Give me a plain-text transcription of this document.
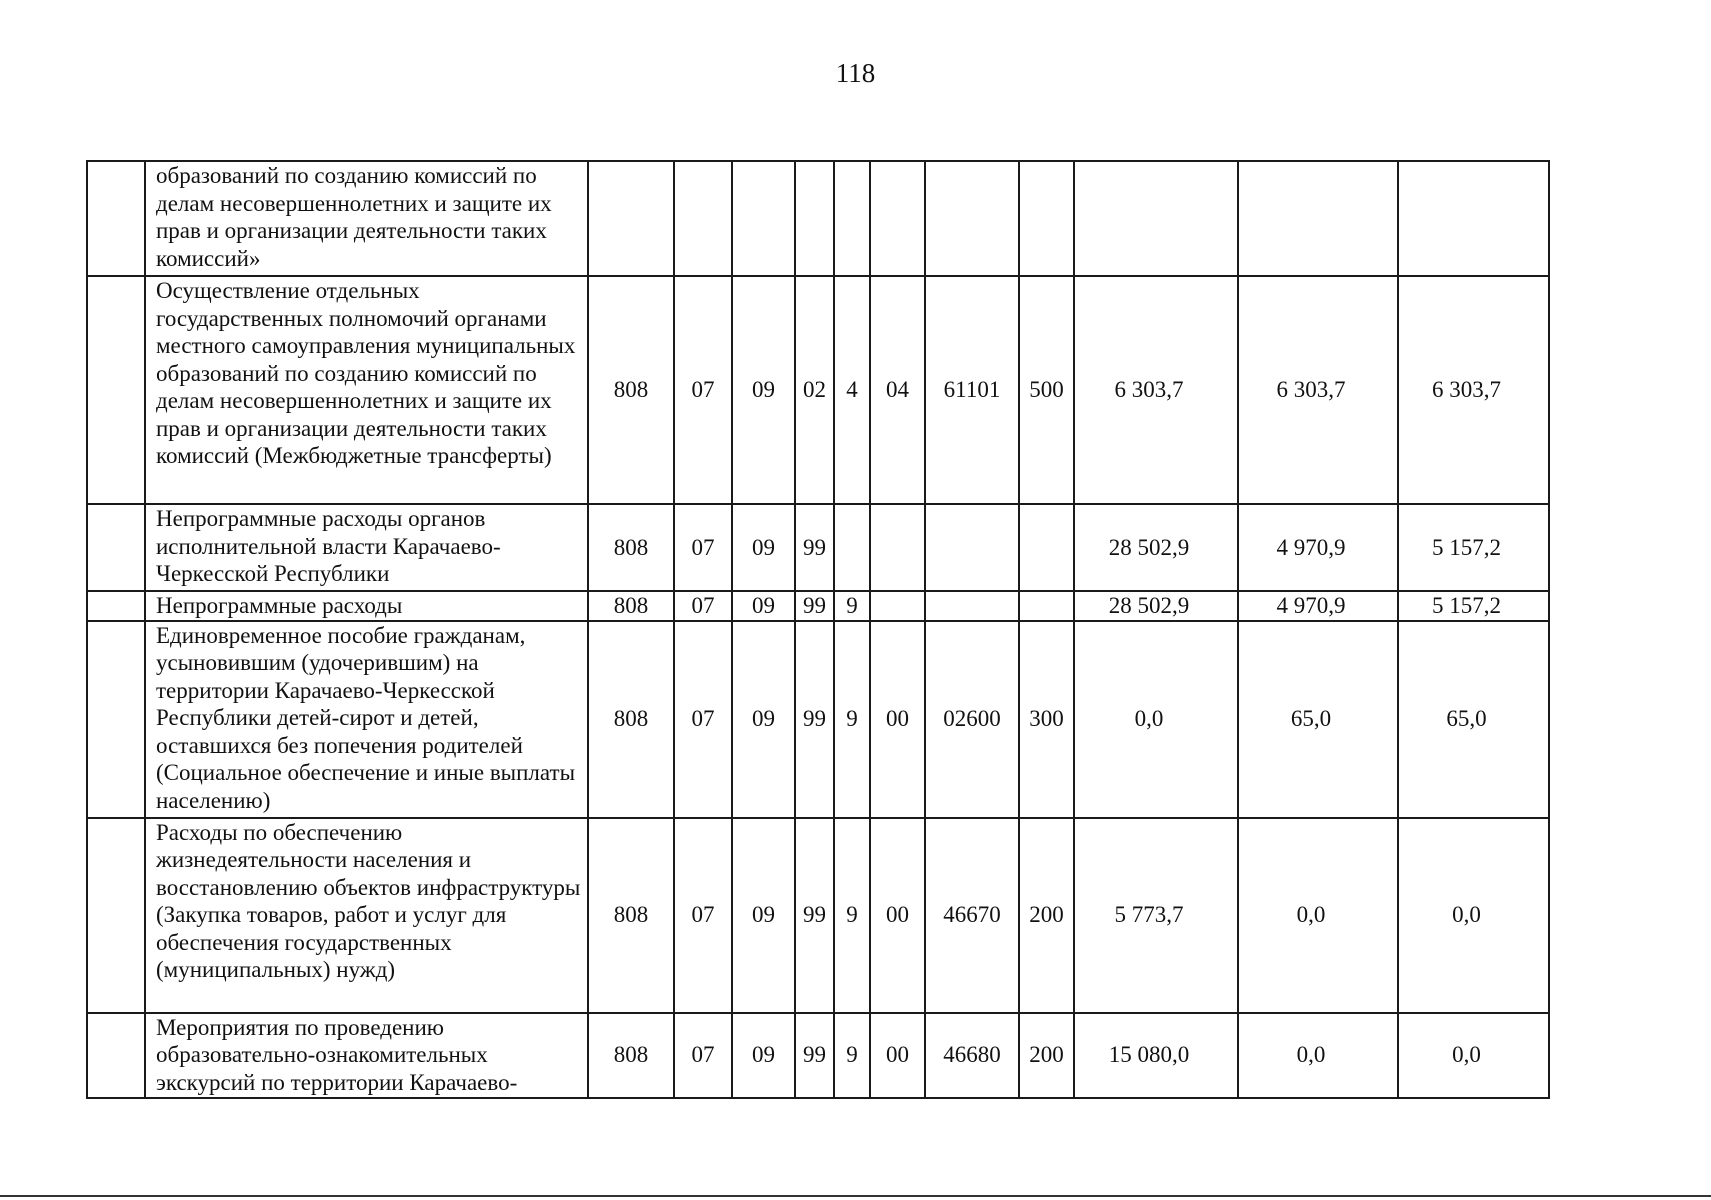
118
	образований по созданию комиссий по делам несовершеннолетних и защите их прав и организации деятельности таких комиссий»											
	Осуществление отдельных государственных полномочий органами местного самоуправления муниципальных образований по созданию комиссий по делам несовершеннолетних и защите их прав и организации деятельности таких комиссий (Межбюджетные трансферты)	808	07	09	02	4	04	61101	500	6 303,7	6 303,7	6 303,7
	Непрограммные расходы органов исполнительной власти Карачаево-Черкесской Республики	808	07	09	99					28 502,9	4 970,9	5 157,2
	Непрограммные расходы	808	07	09	99	9				28 502,9	4 970,9	5 157,2
	Единовременное пособие гражданам, усыновившим (удочерившим) на территории Карачаево-Черкесской Республики детей-сирот и детей, оставшихся без попечения родителей (Социальное обеспечение и иные выплаты населению)	808	07	09	99	9	00	02600	300	0,0	65,0	65,0
	Расходы по обеспечению жизнедеятельности населения и восстановлению объектов инфраструктуры (Закупка товаров, работ и услуг для обеспечения государственных (муниципальных) нужд)	808	07	09	99	9	00	46670	200	5 773,7	0,0	0,0
	Мероприятия по проведению образовательно-ознакомительных экскурсий по территории Карачаево-	808	07	09	99	9	00	46680	200	15 080,0	0,0	0,0
